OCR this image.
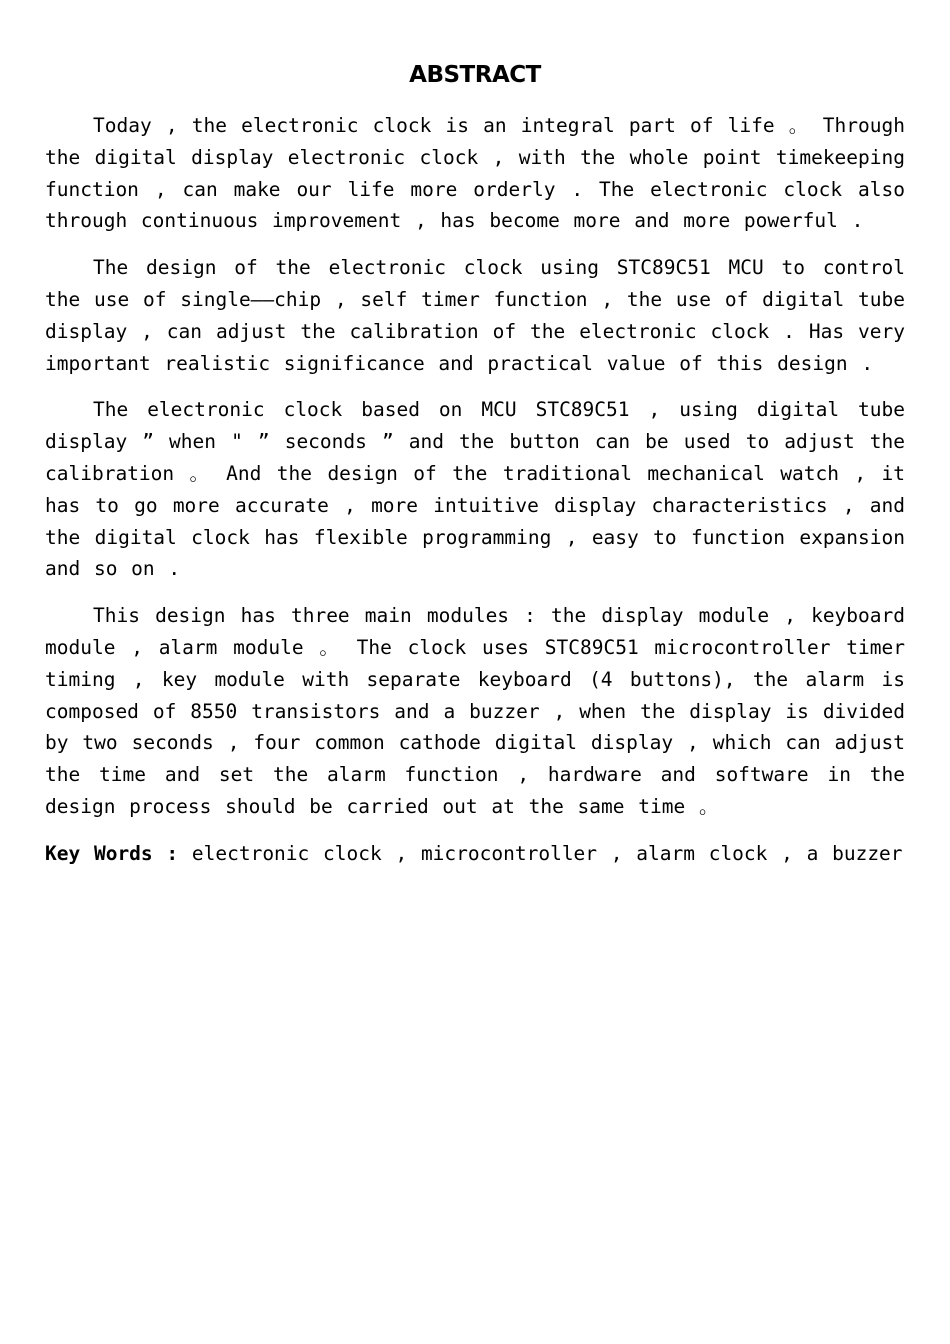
ABSTRACT

Today , the electronic clock is an integral part of life 。 Through the digital display electronic clock , with the whole point timekeeping function , can make our life more orderly . The electronic clock also through continuous improvement , has become more and more powerful .

The design of the electronic clock using STC89C51 MCU to control the use of single——chip , self timer function , the use of digital tube display , can adjust the calibration of the electronic clock . Has very important realistic significance and practical value of this design .

The electronic clock based on MCU STC89C51 , using digital tube display ” when " ” seconds ” and the button can be used to adjust the calibration 。 And the design of the traditional mechanical watch , it has to go more accurate , more intuitive display characteristics , and the digital clock has flexible programming , easy to function expansion and so on .

This design has three main modules : the display module , keyboard module , alarm module 。 The clock uses STC89C51 microcontroller timer timing , key module with separate keyboard (4 buttons), the alarm is composed of 8550 transistors and a buzzer , when the display is divided by two seconds , four common cathode digital display , which can adjust the time and set the alarm function , hardware and software in the design process should be carried out at the same time 。

Key Words : electronic clock , microcontroller , alarm clock , a buzzer
